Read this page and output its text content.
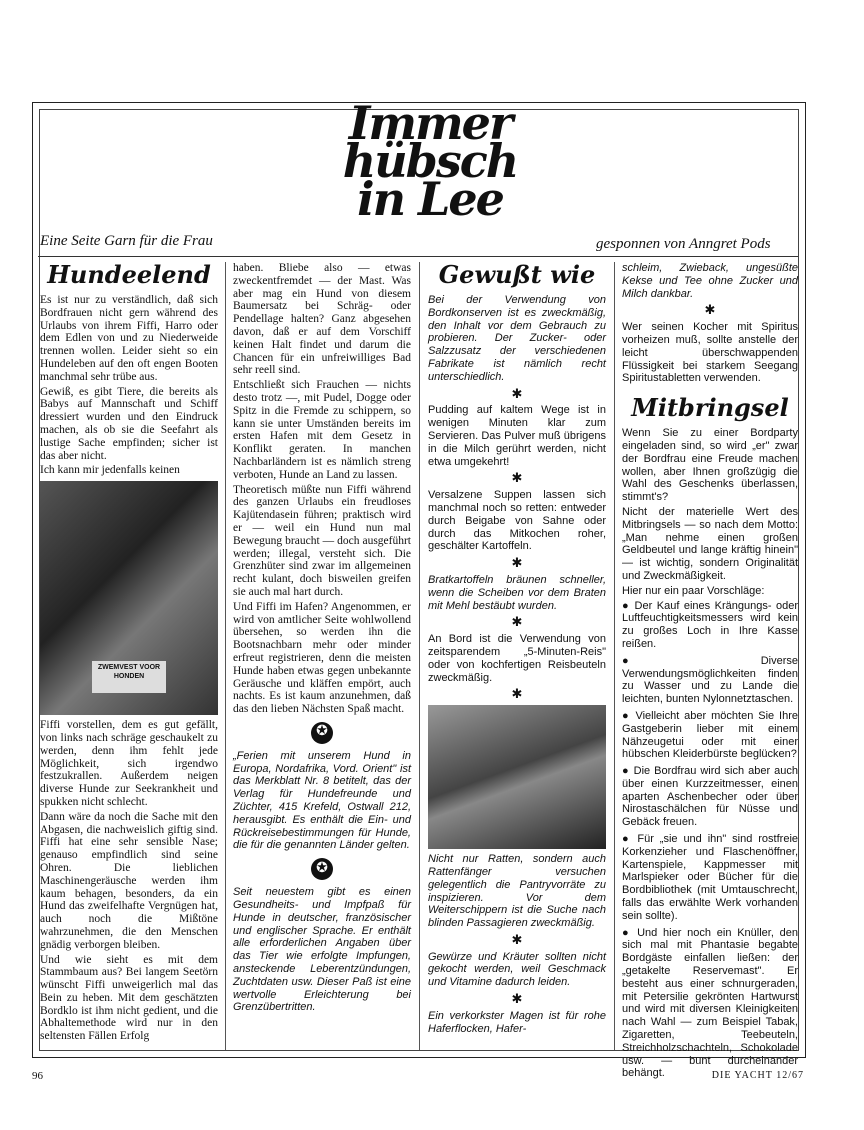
Immer hübsch in Lee
Eine Seite Garn für die Frau	gesponnen von Anngret Pods
Hundeelend

Es ist nur zu verständlich, daß sich Bordfrauen nicht gern während des Urlaubs von ihrem Fiffi, Harro oder dem Edlen von und zu Niederweide trennen wollen. Leider sieht so ein Hundeleben auf den oft engen Booten manchmal sehr trübe aus.

Gewiß, es gibt Tiere, die bereits als Babys auf Mannschaft und Schiff dressiert wurden und den Eindruck machen, als ob sie die Seefahrt als lustige Sache empfinden; sicher ist das aber nicht.

Ich kann mir jedenfalls keinen

ZWEMVEST VOOR HONDEN

Fiffi vorstellen, dem es gut gefällt, von links nach schräge geschaukelt zu werden, denn ihm fehlt jede Möglichkeit, sich irgendwo festzukrallen. Außerdem neigen diverse Hunde zur Seekrankheit und spukken nicht schlecht.

Dann wäre da noch die Sache mit den Abgasen, die nachweislich giftig sind. Fiffi hat eine sehr sensible Nase; genauso empfindlich sind seine Ohren. Die lieblichen Maschinengeräusche werden ihm kaum behagen, besonders, da ein Hund das zweifelhafte Vergnügen hat, auch noch die Mißtöne wahrzunehmen, die den Menschen gnädig verborgen bleiben.

Und wie sieht es mit dem Stammbaum aus? Bei langem Seetörn wünscht Fiffi unweigerlich mal das Bein zu heben. Mit dem geschätzten Bordklo ist ihm nicht gedient, und die Abhaltemethode wird nur in den seltensten Fällen Erfolg

haben. Bliebe also — etwas zweckentfremdet — der Mast. Was aber mag ein Hund von diesem Baumersatz bei Schräg- oder Pendellage halten? Ganz abgesehen davon, daß er auf dem Vorschiff keinen Halt findet und darum die Chancen für ein unfreiwilliges Bad sehr reell sind.

Entschließt sich Frauchen — nichts desto trotz —, mit Pudel, Dogge oder Spitz in die Fremde zu schippern, so kann sie unter Umständen bereits im ersten Hafen mit dem Gesetz in Konflikt geraten. In manchen Nachbarländern ist es nämlich streng verboten, Hunde an Land zu lassen.

Theoretisch müßte nun Fiffi während des ganzen Urlaubs ein freudloses Kajütendasein führen; praktisch wird er — weil ein Hund nun mal Bewegung braucht — doch ausgeführt werden; illegal, versteht sich. Die Grenzhüter sind zwar im allgemeinen recht kulant, doch bisweilen greifen sie auch mal hart durch.

Und Fiffi im Hafen? Angenommen, er wird von amtlicher Seite wohlwollend übersehen, so werden ihn die Bootsnachbarn mehr oder minder erfreut registrieren, denn die meisten Hunde haben etwas gegen unbekannte Geräusche und kläffen empört, auch nachts. Es ist kaum anzunehmen, daß das den lieben Nächsten Spaß macht.

✪

„Ferien mit unserem Hund in Europa, Nordafrika, Vord. Orient" ist das Merkblatt Nr. 8 betitelt, das der Verlag für Hundefreunde und Züchter, 415 Krefeld, Ostwall 212, herausgibt. Es enthält die Ein- und Rückreisebestimmungen für Hunde, die für die genannten Länder gelten.

✪

Seit neuestem gibt es einen Gesundheits- und Impfpaß für Hunde in deutscher, französischer und englischer Sprache. Er enthält alle erforderlichen Angaben über das Tier wie erfolgte Impfungen, ansteckende Leberentzündungen, Zuchtdaten usw. Dieser Paß ist eine wertvolle Erleichterung bei Grenzübertritten.

Gewußt wie

Bei der Verwendung von Bordkonserven ist es zweckmäßig, den Inhalt vor dem Gebrauch zu probieren. Der Zucker- oder Salzzusatz der verschiedenen Fabrikate ist nämlich recht unterschiedlich.

✱

Pudding auf kaltem Wege ist in wenigen Minuten klar zum Servieren. Das Pulver muß übrigens in die Milch gerührt werden, nicht etwa umgekehrt!

✱

Versalzene Suppen lassen sich manchmal noch so retten: entweder durch Beigabe von Sahne oder durch das Mitkochen roher, geschälter Kartoffeln.

✱

Bratkartoffeln bräunen schneller, wenn die Scheiben vor dem Braten mit Mehl bestäubt wurden.

✱

An Bord ist die Verwendung von zeitsparendem „5-Minuten-Reis" oder von kochfertigen Reisbeuteln zweckmäßig.

✱

Nicht nur Ratten, sondern auch Rattenfänger versuchen gelegentlich die Pantryvorräte zu inspizieren. Vor dem Weiterschippern ist die Suche nach blinden Passagieren zweckmäßig.

✱

Gewürze und Kräuter sollten nicht gekocht werden, weil Geschmack und Vitamine dadurch leiden.

✱

Ein verkorkster Magen ist für rohe Haferflocken, Hafer-

schleim, Zwieback, ungesüßte Kekse und Tee ohne Zucker und Milch dankbar.

✱

Wer seinen Kocher mit Spiritus vorheizen muß, sollte anstelle der leicht überschwappenden Flüssigkeit bei starkem Seegang Spiritustabletten verwenden.

Mitbringsel

Wenn Sie zu einer Bordparty eingeladen sind, so wird „er" zwar der Bordfrau eine Freude machen wollen, aber Ihnen großzügig die Wahl des Geschenks überlassen, stimmt's?

Nicht der materielle Wert des Mitbringsels — so nach dem Motto: „Man nehme einen großen Geldbeutel und lange kräftig hinein" — ist wichtig, sondern Originalität und Zweckmäßigkeit.

Hier nur ein paar Vorschläge:

● Der Kauf eines Krängungs- oder Luftfeuchtigkeitsmessers wird kein zu großes Loch in Ihre Kasse reißen.
● Diverse Verwendungsmöglichkeiten finden zu Wasser und zu Lande die leichten, bunten Nylonnetztaschen.
● Vielleicht aber möchten Sie Ihre Gastgeberin lieber mit einem Nähzeugetui oder mit einer hübschen Kleiderbürste beglücken?
● Die Bordfrau wird sich aber auch über einen Kurzzeitmesser, einen aparten Aschenbecher oder über Nirostaschälchen für Nüsse und Gebäck freuen.
● Für „sie und ihn" sind rostfreie Korkenzieher und Flaschenöffner, Kartenspiele, Kappmesser mit Marlspieker oder Bücher für die Bordbibliothek (mit Umtauschrecht, falls das erwählte Werk vorhanden sein sollte).
● Und hier noch ein Knüller, den sich mal mit Phantasie begabte Bordgäste einfallen ließen: der „getakelte Reservemast". Er besteht aus einer schnurgeraden, mit Petersilie gekrönten Hartwurst und wird mit diversen Kleinigkeiten nach Wahl — zum Beispiel Tabak, Zigaretten, Teebeuteln, Streichholzschachteln, Schokolade usw. — bunt durcheinander behängt.
96	DIE YACHT 12/67
